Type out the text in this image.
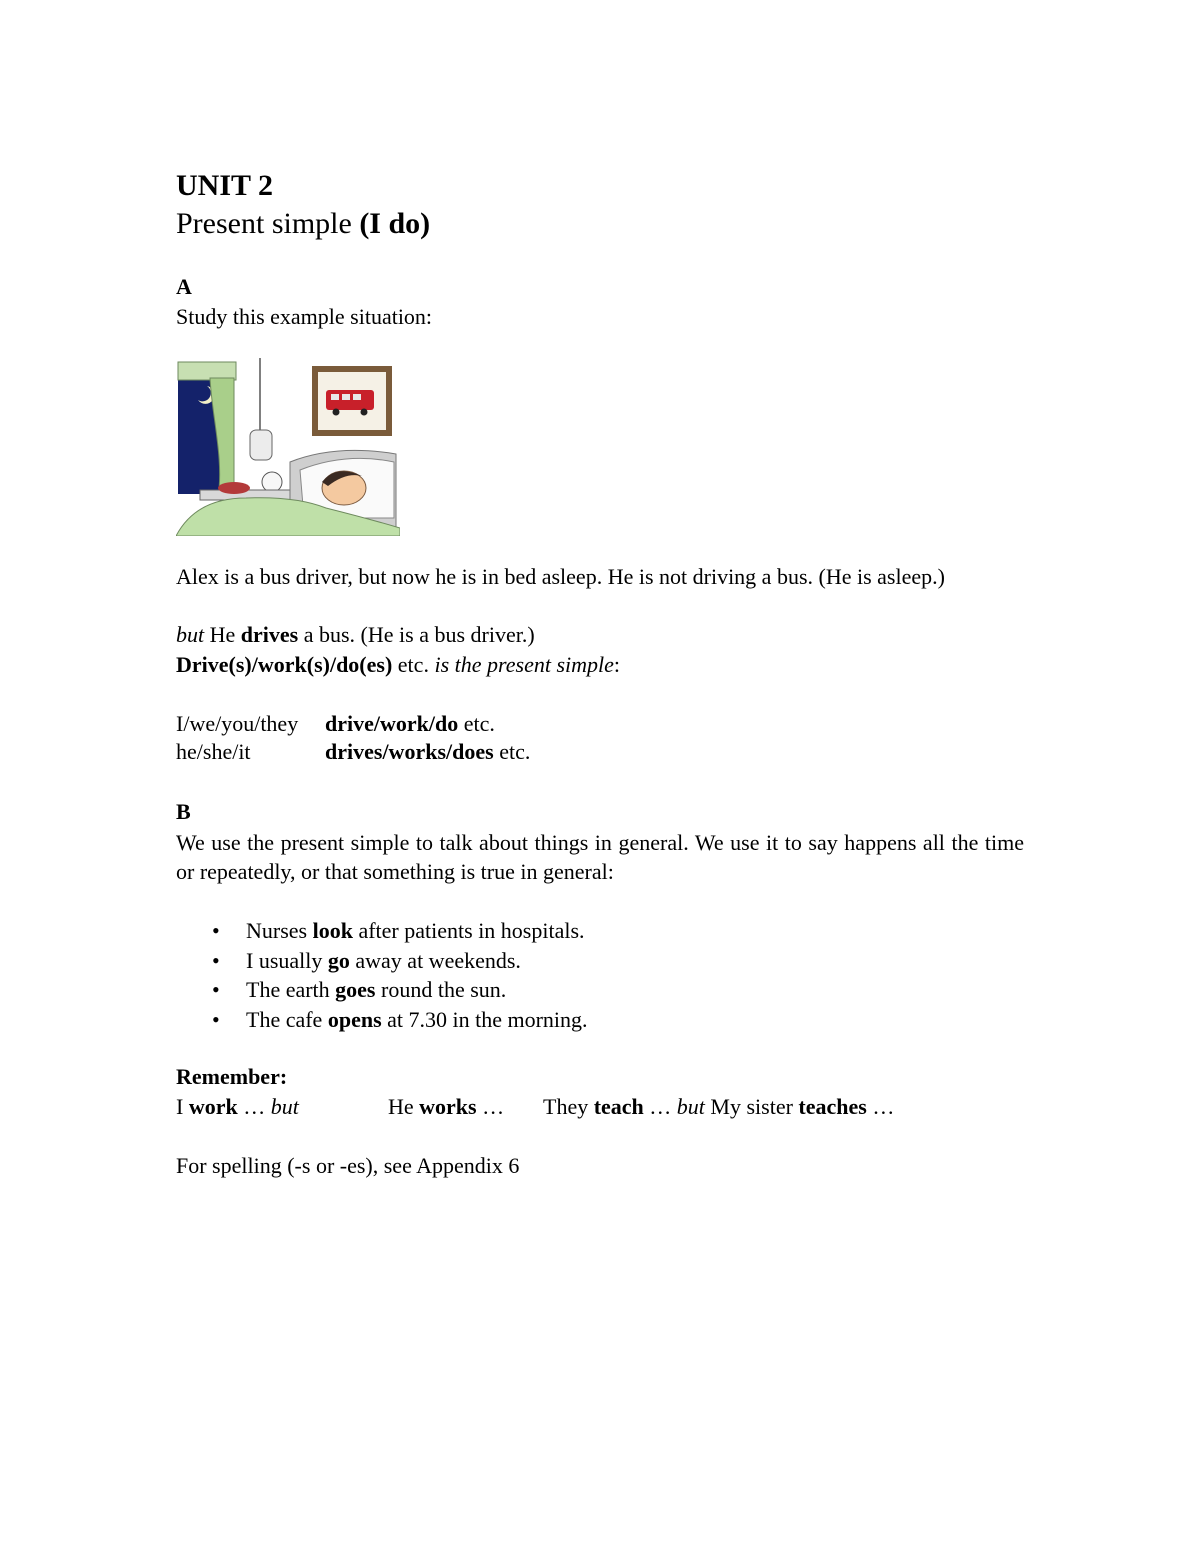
UNIT 2
Present simple (I do)
A
Study this example situation:
Alex is a bus driver, but now he is in bed asleep. He is not driving a bus. (He is asleep.)
but He drives a bus. (He is a bus driver.)
Drive(s)/work(s)/do(es) etc. is the present simple:
I/we/you/they drive/work/do etc.
he/she/it	drives/works/does etc.
B
We use the present simple to talk about things in general. We use it to say happens all the time or repeatedly, or that something is true in general:
• Nurses look after patients in hospitals.
• I usually go away at weekends.
• The earth goes round the sun.
• The cafe opens at 7.30 in the morning.
Remember:
I work … but	He works … They teach … but My sister teaches …
For spelling (-s or -es), see Appendix 6
